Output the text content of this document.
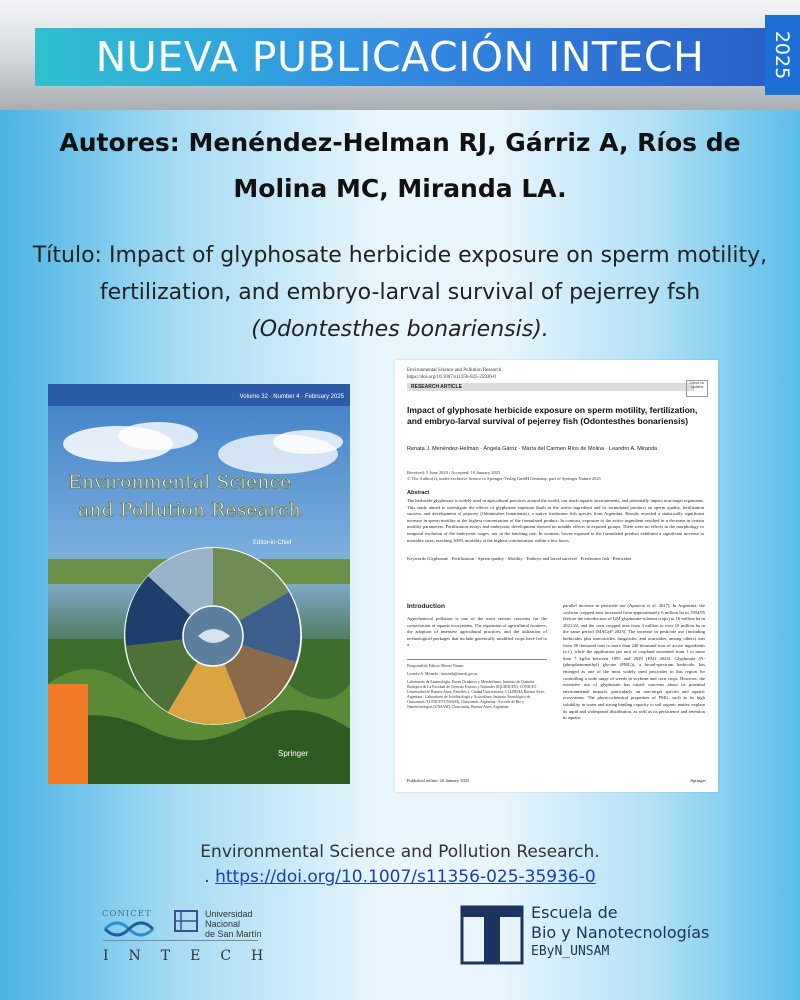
NUEVA PUBLICACIÓN INTECH	2025
Autores: Menéndez-Helman RJ, Gárriz A, Ríos de
Molina MC, Miranda LA.
Título: Impact of glyphosate herbicide exposure on sperm motility,
fertilization, and embryo-larval survival of pejerrey fsh
(Odontesthes bonariensis).
Volume 32 · Number 4 · February 2025
Environmental Science
and Pollution Research
Editor-in-Chief
Springer
Environmental Science and Pollution Research
https://doi.org/10.1007/s11356-025-35936-0
RESEARCH ARTICLE
Check for updates
Impact of glyphosate herbicide exposure on sperm motility, fertilization, and embryo-larval survival of pejerrey fish (Odontesthes bonariensis)
Renata J. Menéndez-Helman · Ángela Gárriz · María del Carmen Ríos de Molina · Leandro A. Miranda
Received: 5 June 2024 / Accepted: 10 January 2025
© The Author(s), under exclusive licence to Springer-Verlag GmbH Germany, part of Springer Nature 2025
Abstract
The herbicide glyphosate is widely used in agricultural practices around the world, can reach aquatic environments, and potentially impact non-target organisms. This study aimed to investigate the effects of glyphosate exposure (both as the active ingredient and its formulated product) on sperm quality, fertilization success, and development of pejerrey (Odontesthes bonariensis), a native freshwater fish species from Argentina. Results revealed a statistically significant increase in sperm motility at the highest concentration of the formulated product. In contrast, exposure to the active ingredient resulted in a decrease in certain motility parameters. Fertilization assays and embryonic development showed no notable effects in exposed groups. There were no effects in the morphology or temporal evolution of the embryonic stages, nor in the hatching rate. In contrast, larvae exposed to the formulated product exhibited a significant increase in mortality rates, reaching 100% mortality at the highest concentration within a few hours.
Keywords Glyphosate · Fertilization · Sperm quality · Motility · Embryo and larval survival · Freshwater fish · Pesticides
Introduction
Agrochemical pollution is one of the most serious concerns for the conservation of aquatic ecosystems. The expansion of agricultural frontiers, the adoption of intensive agricultural practices, and the utilization of technological packages that include genetically modified crops have led to a
Responsible Editor: Bruno Nunes
Leandro A. Miranda · lmiranda@intech.gov.ar
Laboratorio de Enzimología, Estrés Oxidativo y Metabolismo, Instituto de Química Biológica de La Facultad de Ciencias Exactas y Naturales (IQUIBICEN), CONICET - Universidad de Buenos Aires, Pabellón 2, Ciudad Universitaria, C1428EHA Buenos Aires, Argentina · Laboratorio de Ictiofisiología y Acuicultura, Instituto Tecnológico de Chascomús (CONICET-UNSAM), Chascomús, Argentina · Escuela de Bio y Nanotecnologías (UNSAM), Chascomús, Buenos Aires, Argentina
parallel increase in pesticide use (Aparicio et al. 2017). In Argentina, the soybean cropped area increased from approximately 6 million ha in 1994/95 (before the introduction of GM glyphosate-tolerant crops) to 16 million ha in 2021/22, and the corn cropped area from 3 million to over 10 million ha in the same period (MAGyP 2023). The increase in pesticide use (including herbicides plus insecticides, fungicides, and acaricides, among others) was from 38 thousand tons to more than 240 thousand tons of active ingredients (a.i.), while the application per unit of cropland increased from 1 to more than 7 kg/ha between 1995 and 2020 (FAO 2023). Glyphosate (N-(phosphonomethyl) glycine (PMG)), a broad-spectrum herbicide, has emerged as one of the most widely used pesticides in this region for controlling a wide range of weeds in soybean and corn crops. However, the extensive use of glyphosate has raised concerns about its potential environmental impacts, particularly on non-target species and aquatic ecosystems. The physicochemical properties of PMG, such as its high solubility in water and strong binding capacity to soil organic matter, explain its rapid and widespread distribution, as well as its persistence and retention in aquatic
Published online: 20 January 2025	Springer
Environmental Science and Pollution Research.
. https://doi.org/10.1007/s11356-025-35936-0
CONICET	Universidad
Nacional
de San Martín
INTECH
Escuela de
Bio y Nanotecnologías
EByN_UNSAM
